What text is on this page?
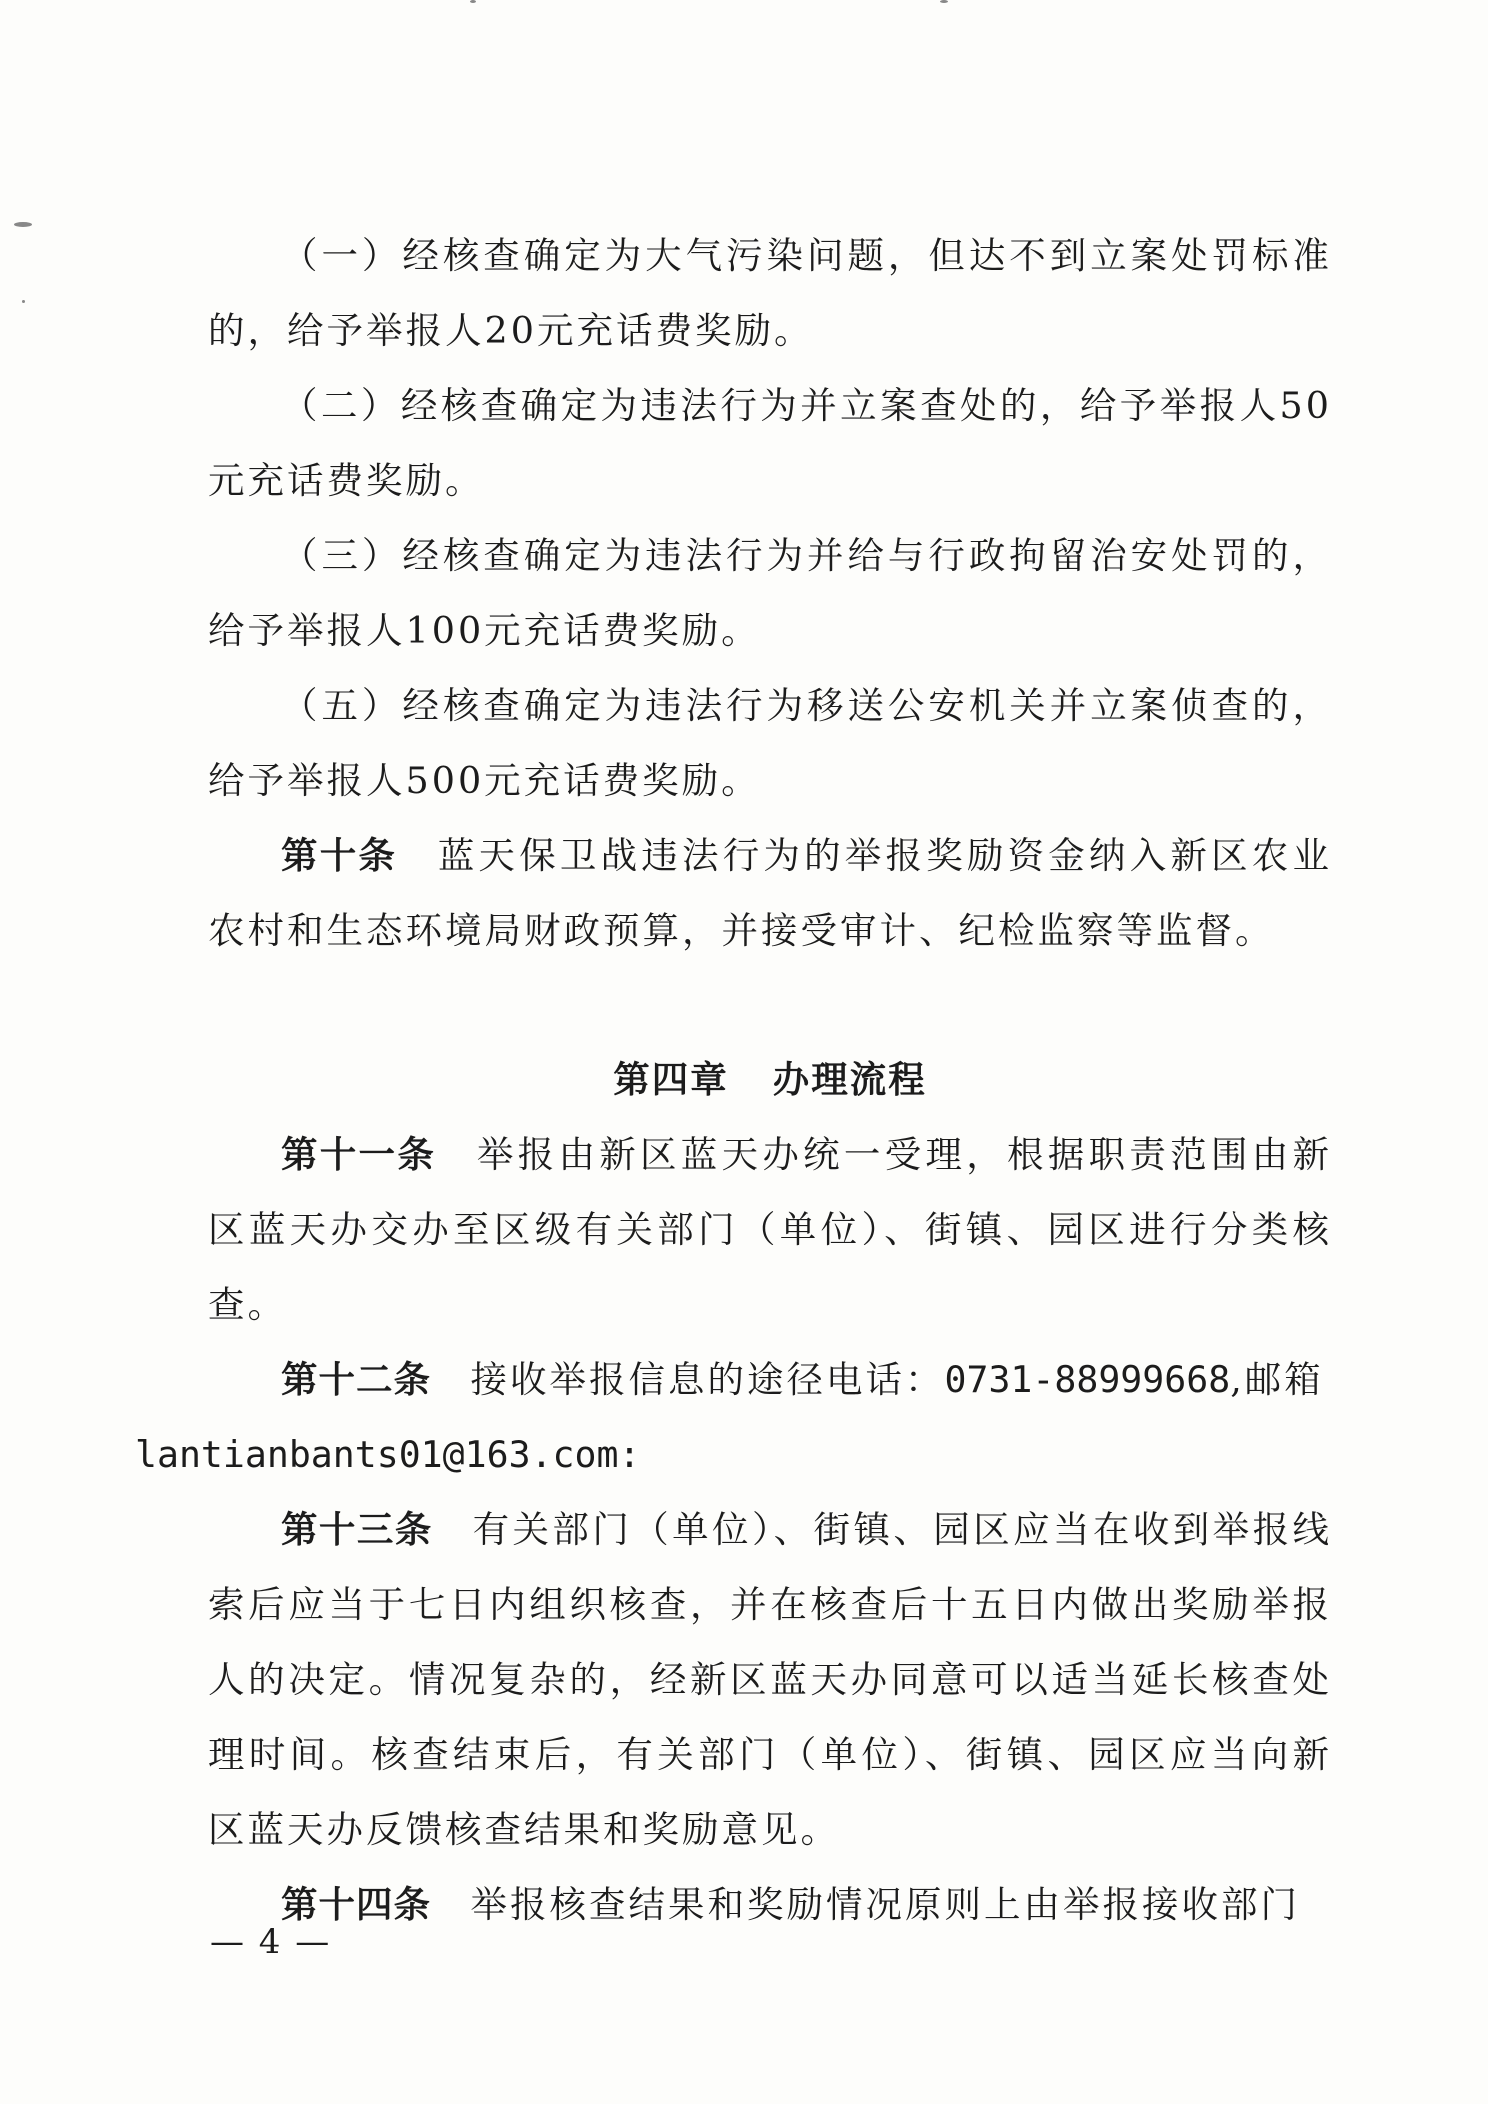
（一）经核查确定为大气污染问题，但达不到立案处罚标准的，给予举报人20元充话费奖励。

（二）经核查确定为违法行为并立案查处的，给予举报人50元充话费奖励。

（三）经核查确定为违法行为并给与行政拘留治安处罚的，给予举报人100元充话费奖励。

（五）经核查确定为违法行为移送公安机关并立案侦查的，给予举报人500元充话费奖励。

第十条　 蓝天保卫战违法行为的举报奖励资金纳入新区农业农村和生态环境局财政预算，并接受审计、纪检监察等监督。

第四章 办理流程

第十一条　 举报由新区蓝天办统一受理，根据职责范围由新区蓝天办交办至区级有关部门（单位）、街镇、园区进行分类核查。

第十二条　 接收举报信息的途径电话：0731-88999668,邮箱
lantianbants01@163.com:

第十三条　 有关部门（单位）、街镇、园区应当在收到举报线索后应当于七日内组织核查，并在核查后十五日内做出奖励举报人的决定。情况复杂的，经新区蓝天办同意可以适当延长核查处理时间。核查结束后，有关部门（单位）、街镇、园区应当向新区蓝天办反馈核查结果和奖励意见。

第十四条　 举报核查结果和奖励情况原则上由举报接收部门

— 4 —
